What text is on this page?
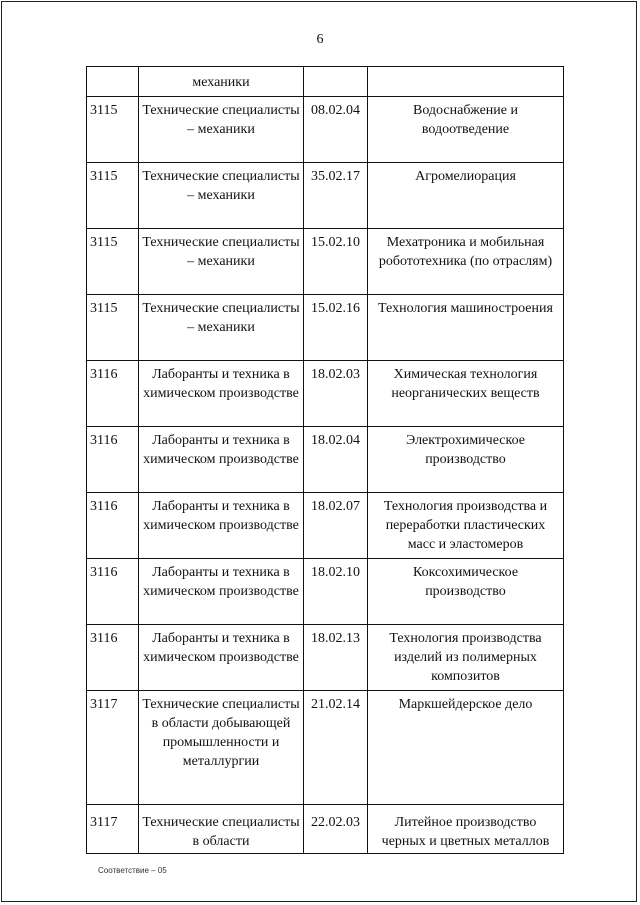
6
	механики		
3115	Технические специалисты – механики	08.02.04	Водоснабжение и водоотведение
3115	Технические специалисты – механики	35.02.17	Агромелиорация
3115	Технические специалисты – механики	15.02.10	Мехатроника и мобильная робототехника (по отраслям)
3115	Технические специалисты – механики	15.02.16	Технология машиностроения
3116	Лаборанты и техника в химическом производстве	18.02.03	Химическая технология неорганических веществ
3116	Лаборанты и техника в химическом производстве	18.02.04	Электрохимическое производство
3116	Лаборанты и техника в химическом производстве	18.02.07	Технология производства и переработки пластических масс и эластомеров
3116	Лаборанты и техника в химическом производстве	18.02.10	Коксохимическое производство
3116	Лаборанты и техника в химическом производстве	18.02.13	Технология производства изделий из полимерных композитов
3117	Технические специалисты в области добывающей промышленности и металлургии	21.02.14	Маркшейдерское дело
3117	Технические специалисты в области	22.02.03	Литейное производство черных и цветных металлов
Соответствие – 05
